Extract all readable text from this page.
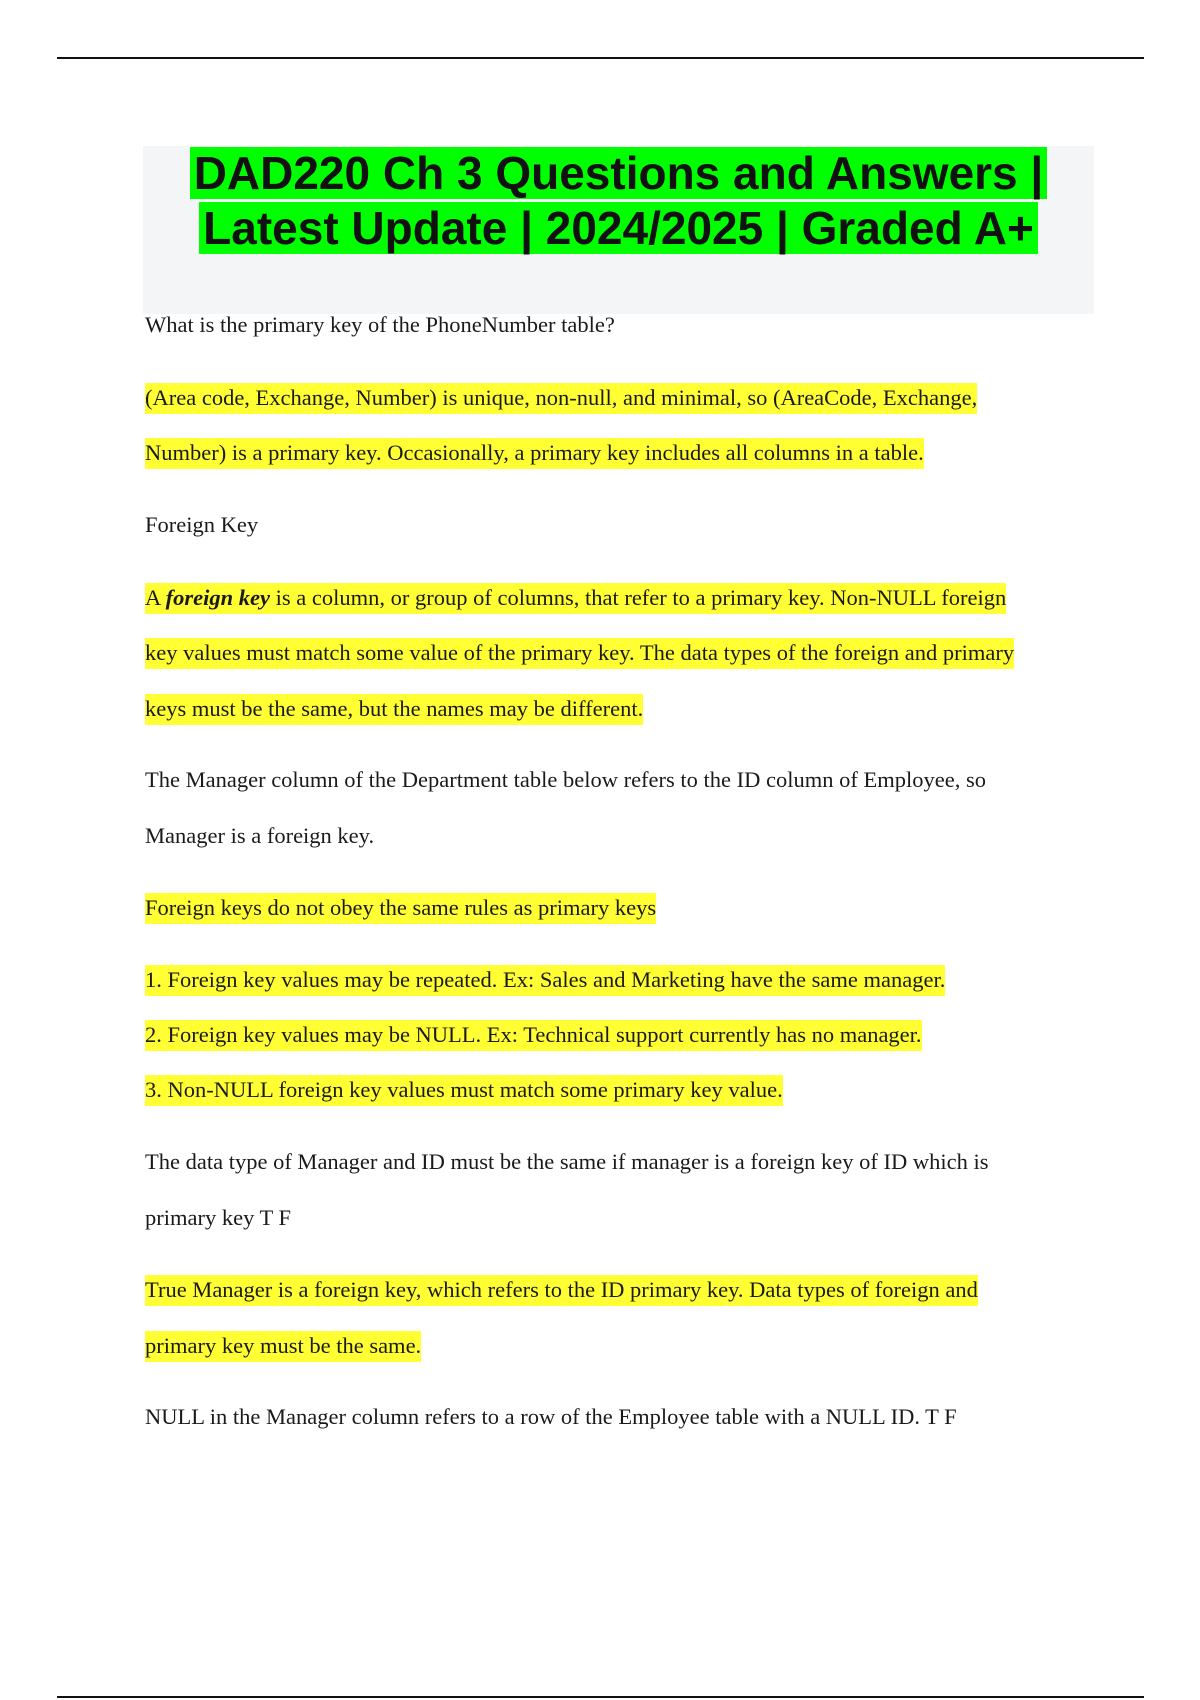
DAD220 Ch 3 Questions and Answers |
Latest Update | 2024/2025 | Graded A+

What is the primary key of the PhoneNumber table?

(Area code, Exchange, Number) is unique, non-null, and minimal, so (AreaCode, Exchange,

Number) is a primary key. Occasionally, a primary key includes all columns in a table.

Foreign Key

A foreign key is a column, or group of columns, that refer to a primary key. Non-NULL foreign

key values must match some value of the primary key. The data types of the foreign and primary

keys must be the same, but the names may be different.

The Manager column of the Department table below refers to the ID column of Employee, so

Manager is a foreign key.

Foreign keys do not obey the same rules as primary keys

1. Foreign key values may be repeated. Ex: Sales and Marketing have the same manager.

2. Foreign key values may be NULL. Ex: Technical support currently has no manager.

3. Non-NULL foreign key values must match some primary key value.

The data type of Manager and ID must be the same if manager is a foreign key of ID which is

primary key T F

True Manager is a foreign key, which refers to the ID primary key. Data types of foreign and

primary key must be the same.

NULL in the Manager column refers to a row of the Employee table with a NULL ID. T F
